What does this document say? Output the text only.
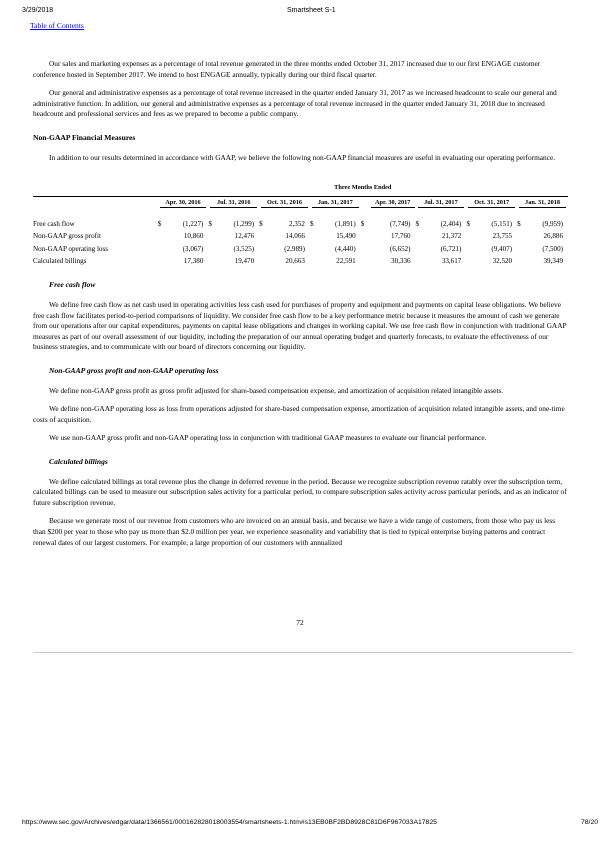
3/29/2018	Smartsheet S-1
Table of Contents

Our sales and marketing expenses as a percentage of total revenue generated in the three months ended October 31, 2017 increased due to our first ENGAGE customer conference hosted in September 2017. We intend to host ENGAGE annually, typically during our third fiscal quarter.

Our general and administrative expenses as a percentage of total revenue increased in the quarter ended January 31, 2017 as we increased headcount to scale our general and administrative function. In addition, our general and administrative expenses as a percentage of total revenue increased in the quarter ended January 31, 2018 due to increased headcount and professional services and fees as we prepared to become a public company.

Non-GAAP Financial Measures

In addition to our results determined in accordance with GAAP, we believe the following non-GAAP financial measures are useful in evaluating our operating performance.

	Three Months Ended															

	Apr. 30, 2016		Jul. 31, 2016		Oct. 31, 2016		Jan. 31, 2017		Apr. 30, 2017		Jul. 31, 2017		Oct. 31, 2017		Jan. 31, 2018	

Free cash flow	$	(1,227)	$	(1,299)	$	2,352	$	(1,891)	$	(7,749)	$	(2,404)	$	(5,151)	$	(9,959)
Non-GAAP gross profit		10,860		12,476		14,066		15,490		17,760		21,372		23,755		26,886
Non-GAAP operating loss		(3,067)		(3,525)		(2,989)		(4,440)		(6,652)		(6,721)		(9,407)		(7,500)
Calculated billings		17,380		19,470		20,663		22,591		30,336		33,617		32,520		39,349
Free cash flow

We define free cash flow as net cash used in operating activities less cash used for purchases of property and equipment and payments on capital lease obligations. We believe free cash flow facilitates period-to-period comparisons of liquidity. We consider free cash flow to be a key performance metric because it measures the amount of cash we generate from our operations after our capital expenditures, payments on capital lease obligations and changes in working capital. We use free cash flow in conjunction with traditional GAAP measures as part of our overall assessment of our liquidity, including the preparation of our annual operating budget and quarterly forecasts, to evaluate the effectiveness of our business strategies, and to communicate with our board of directors concerning our liquidity.

Non-GAAP gross profit and non-GAAP operating loss

We define non-GAAP gross profit as gross profit adjusted for share-based compensation expense, and amortization of acquisition related intangible assets.

We define non-GAAP operating loss as loss from operations adjusted for share-based compensation expense, amortization of acquisition related intangible assets, and one-time costs of acquisition.

We use non-GAAP gross profit and non-GAAP operating loss in conjunction with traditional GAAP measures to evaluate our financial performance.

Calculated billings

We define calculated billings as total revenue plus the change in deferred revenue in the period. Because we recognize subscription revenue ratably over the subscription term, calculated billings can be used to measure our subscription sales activity for a particular period, to compare subscription sales activity across particular periods, and as an indicator of future subscription revenue.

Because we generate most of our revenue from customers who are invoiced on an annual basis, and because we have a wide range of customers, from those who pay us less than $200 per year to those who pay us more than $2.0 million per year, we experience seasonality and variability that is tied to typical enterprise buying patterns and contract renewal dates of our largest customers. For example, a large proportion of our customers with annualized

72
https://www.sec.gov/Archives/edgar/data/1366561/000162828018003554/smartsheets-1.htm#s13EB0BF2BD8928C81D6F967033A17825	78/20
